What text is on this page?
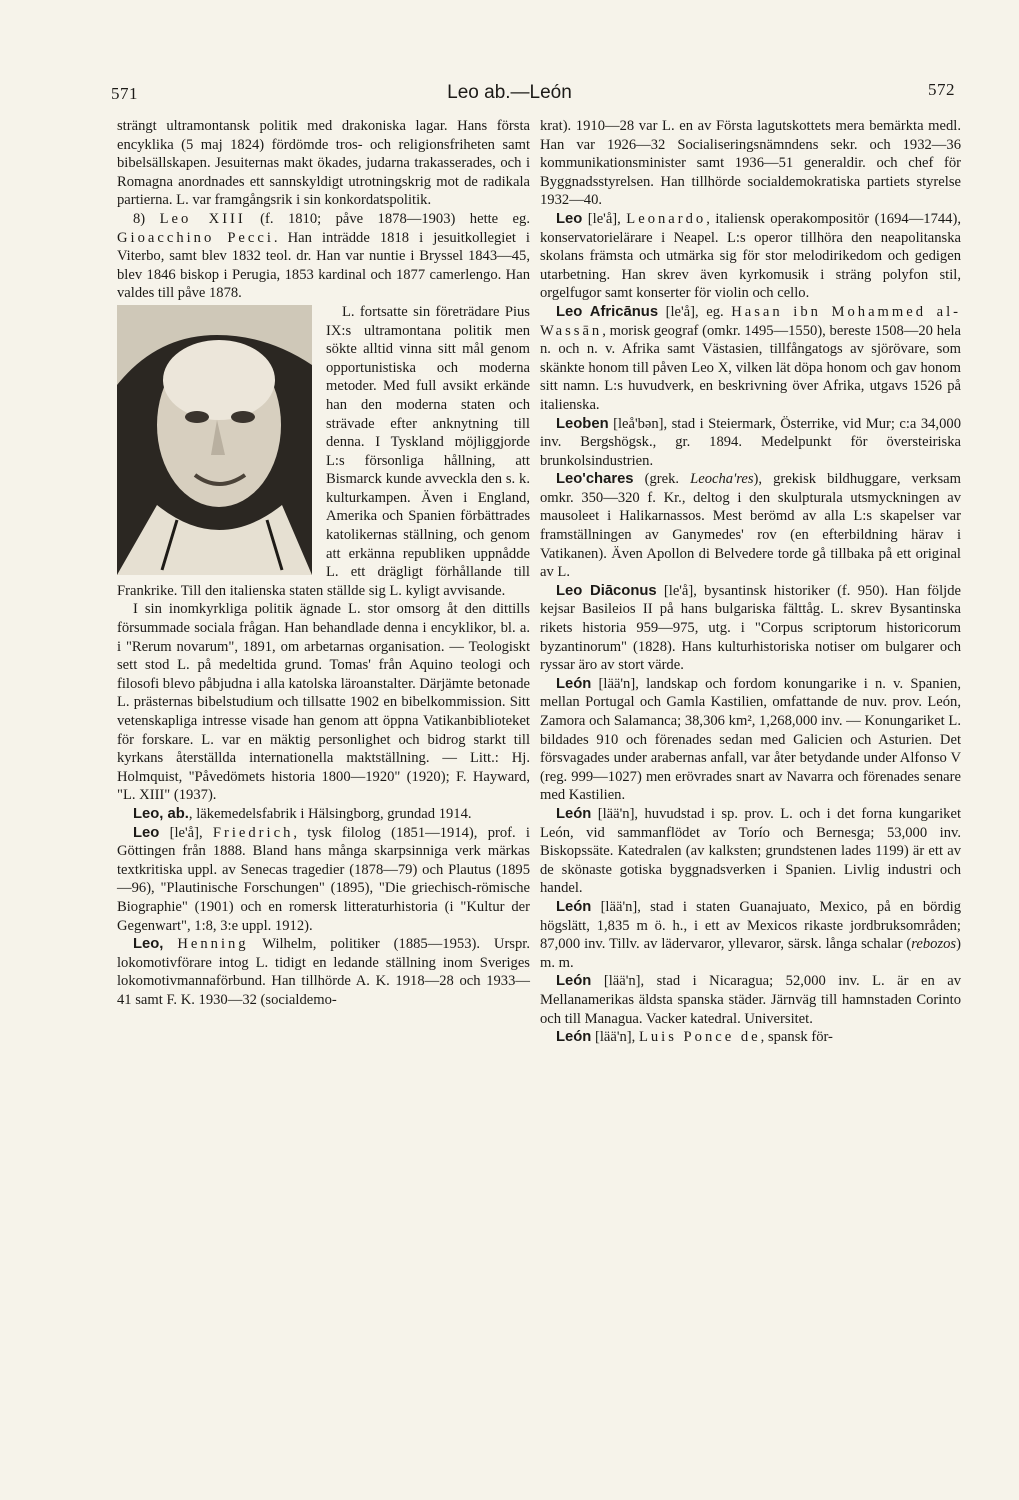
571	Leo ab.—León	572

strängt ultramontansk politik med drakoniska lagar. Hans första encyklika (5 maj 1824) fördömde tros- och religionsfriheten samt bibelsällskapen. Jesuiternas makt ökades, judarna trakasserades, och i Romagna anordnades ett sannskyldigt utrotningskrig mot de radikala partierna. L. var framgångsrik i sin konkordatspolitik.

8) Leo XIII (f. 1810; påve 1878—1903) hette eg. Gioacchino Pecci. Han inträdde 1818 i jesuitkollegiet i Viterbo, samt blev 1832 teol. dr. Han var nuntie i Bryssel 1843—45, blev 1846 biskop i Perugia, 1853 kardinal och 1877 camerlengo. Han valdes till påve 1878.

L. fortsatte sin företrädare Pius IX:s ultramontana politik men sökte alltid vinna sitt mål genom opportunistiska och moderna metoder. Med full avsikt erkände han den moderna staten och strävade efter anknytning till denna. I Tyskland möjliggjorde L:s försonliga hållning, att Bismarck kunde avveckla den s. k. kulturkampen. Även i England, Amerika och Spanien förbättrades katolikernas ställning, och genom att erkänna republiken uppnådde L. ett drägligt förhållande till Frankrike. Till den italienska staten ställde sig L. kyligt avvisande.

I sin inomkyrkliga politik ägnade L. stor omsorg åt den dittills försummade sociala frågan. Han behandlade denna i encyklikor, bl. a. i "Rerum novarum", 1891, om arbetarnas organisation. — Teologiskt sett stod L. på medeltida grund. Tomas' från Aquino teologi och filosofi blevo påbjudna i alla katolska läroanstalter. Därjämte betonade L. prästernas bibelstudium och tillsatte 1902 en bibelkommission. Sitt vetenskapliga intresse visade han genom att öppna Vatikanbiblioteket för forskare. L. var en mäktig personlighet och bidrog starkt till kyrkans återställda internationella maktställning. — Litt.: Hj. Holmquist, "Påvedömets historia 1800—1920" (1920); F. Hayward, "L. XIII" (1937).

Leo, ab., läkemedelsfabrik i Hälsingborg, grundad 1914.

Leo [le'å], Friedrich, tysk filolog (1851—1914), prof. i Göttingen från 1888. Bland hans många skarpsinniga verk märkas textkritiska uppl. av Senecas tragedier (1878—79) och Plautus (1895—96), "Plautinische Forschungen" (1895), "Die griechisch-römische Biographie" (1901) och en romersk litteraturhistoria (i "Kultur der Gegenwart", 1:8, 3:e uppl. 1912).

Leo, Henning Wilhelm, politiker (1885—1953). Urspr. lokomotivförare intog L. tidigt en ledande ställning inom Sveriges lokomotivmannaförbund. Han tillhörde A. K. 1918—28 och 1933—41 samt F. K. 1930—32 (socialdemo-

krat). 1910—28 var L. en av Första lagutskottets mera bemärkta medl. Han var 1926—32 Socialiseringsnämndens sekr. och 1932—36 kommunikationsminister samt 1936—51 generaldir. och chef för Byggnadsstyrelsen. Han tillhörde socialdemokratiska partiets styrelse 1932—40.

Leo [le'å], Leonardo, italiensk operakompositör (1694—1744), konservatorielärare i Neapel. L:s operor tillhöra den neapolitanska skolans främsta och utmärka sig för stor melodirikedom och gedigen utarbetning. Han skrev även kyrkomusik i sträng polyfon stil, orgelfugor samt konserter för violin och cello.

Leo Africānus [le'å], eg. Hasan ibn Mohammed al-Wassān, morisk geograf (omkr. 1495—1550), bereste 1508—20 hela n. och n. v. Afrika samt Västasien, tillfångatogs av sjörövare, som skänkte honom till påven Leo X, vilken lät döpa honom och gav honom sitt namn. L:s huvudverk, en beskrivning över Afrika, utgavs 1526 på italienska.

Leoben [leå'bən], stad i Steiermark, Österrike, vid Mur; c:a 34,000 inv. Bergshögsk., gr. 1894. Medelpunkt för översteiriska brunkolsindustrien.

Leo'chares (grek. Leocha'res), grekisk bildhuggare, verksam omkr. 350—320 f. Kr., deltog i den skulpturala utsmyckningen av mausoleet i Halikarnassos. Mest berömd av alla L:s skapelser var framställningen av Ganymedes' rov (en efterbildning härav i Vatikanen). Även Apollon di Belvedere torde gå tillbaka på ett original av L.

Leo Diāconus [le'å], bysantinsk historiker (f. 950). Han följde kejsar Basileios II på hans bulgariska fälttåg. L. skrev Bysantinska rikets historia 959—975, utg. i "Corpus scriptorum historicorum byzantinorum" (1828). Hans kulturhistoriska notiser om bulgarer och ryssar äro av stort värde.

León [lää'n], landskap och fordom konungarike i n. v. Spanien, mellan Portugal och Gamla Kastilien, omfattande de nuv. prov. León, Zamora och Salamanca; 38,306 km², 1,268,000 inv. — Konungariket L. bildades 910 och förenades sedan med Galicien och Asturien. Det försvagades under arabernas anfall, var åter betydande under Alfonso V (reg. 999—1027) men erövrades snart av Navarra och förenades senare med Kastilien.

León [lää'n], huvudstad i sp. prov. L. och i det forna kungariket León, vid sammanflödet av Torío och Bernesga; 53,000 inv. Biskopssäte. Katedralen (av kalksten; grundstenen lades 1199) är ett av de skönaste gotiska byggnadsverken i Spanien. Livlig industri och handel.

León [lää'n], stad i staten Guanajuato, Mexico, på en bördig högslätt, 1,835 m ö. h., i ett av Mexicos rikaste jordbruksområden; 87,000 inv. Tillv. av lädervaror, yllevaror, särsk. långa schalar (rebozos) m. m.

León [lää'n], stad i Nicaragua; 52,000 inv. L. är en av Mellanamerikas äldsta spanska städer. Järnväg till hamnstaden Corinto och till Managua. Vacker katedral. Universitet.

León [lää'n], Luis Ponce de, spansk för-
